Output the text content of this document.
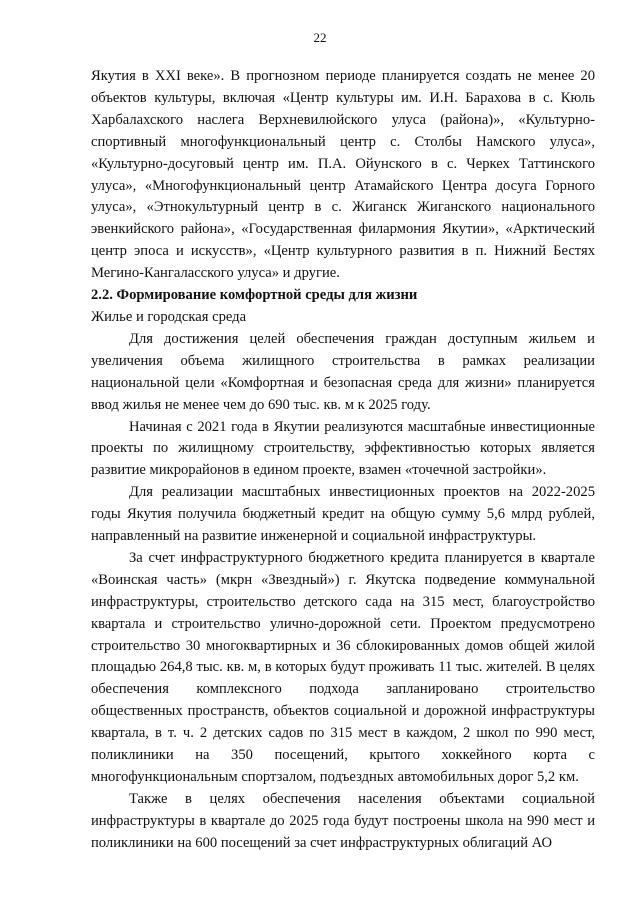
22

Якутия в XXI веке». В прогнозном периоде планируется создать не менее 20 объектов культуры, включая «Центр культуры им. И.Н. Барахова в с. Кюль Харбалахского наслега Верхневилюйского улуса (района)», «Культурно-спортивный многофункциональный центр с. Столбы Намского улуса», «Культурно-досуговый центр им. П.А. Ойунского в с. Черкех Таттинского улуса», «Многофункциональный центр Атамайского Центра досуга Горного улуса», «Этнокультурный центр в с. Жиганск Жиганского национального эвенкийского района», «Государственная филармония Якутии», «Арктический центр эпоса и искусств», «Центр культурного развития в п. Нижний Бестях Мегино-Кангаласского улуса» и другие.

2.2. Формирование комфортной среды для жизни

Жилье и городская среда

Для достижения целей обеспечения граждан доступным жильем и увеличения объема жилищного строительства в рамках реализации национальной цели «Комфортная и безопасная среда для жизни» планируется ввод жилья не менее чем до 690 тыс. кв. м к 2025 году.

Начиная с 2021 года в Якутии реализуются масштабные инвестиционные проекты по жилищному строительству, эффективностью которых является развитие микрорайонов в едином проекте, взамен «точечной застройки».

Для реализации масштабных инвестиционных проектов на 2022-2025 годы Якутия получила бюджетный кредит на общую сумму 5,6 млрд рублей, направленный на развитие инженерной и социальной инфраструктуры.

За счет инфраструктурного бюджетного кредита планируется в квартале «Воинская часть» (мкрн «Звездный») г. Якутска подведение коммунальной инфраструктуры, строительство детского сада на 315 мест, благоустройство квартала и строительство улично-дорожной сети. Проектом предусмотрено строительство 30 многоквартирных и 36 сблокированных домов общей жилой площадью 264,8 тыс. кв. м, в которых будут проживать 11 тыс. жителей. В целях обеспечения комплексного подхода запланировано строительство общественных пространств, объектов социальной и дорожной инфраструктуры квартала, в т. ч. 2 детских садов по 315 мест в каждом, 2 школ по 990 мест, поликлиники на 350 посещений, крытого хоккейного корта с многофункциональным спортзалом, подъездных автомобильных дорог 5,2 км.

Также в целях обеспечения населения объектами социальной инфраструктуры в квартале до 2025 года будут построены школа на 990 мест и поликлиники на 600 посещений за счет инфраструктурных облигаций АО
